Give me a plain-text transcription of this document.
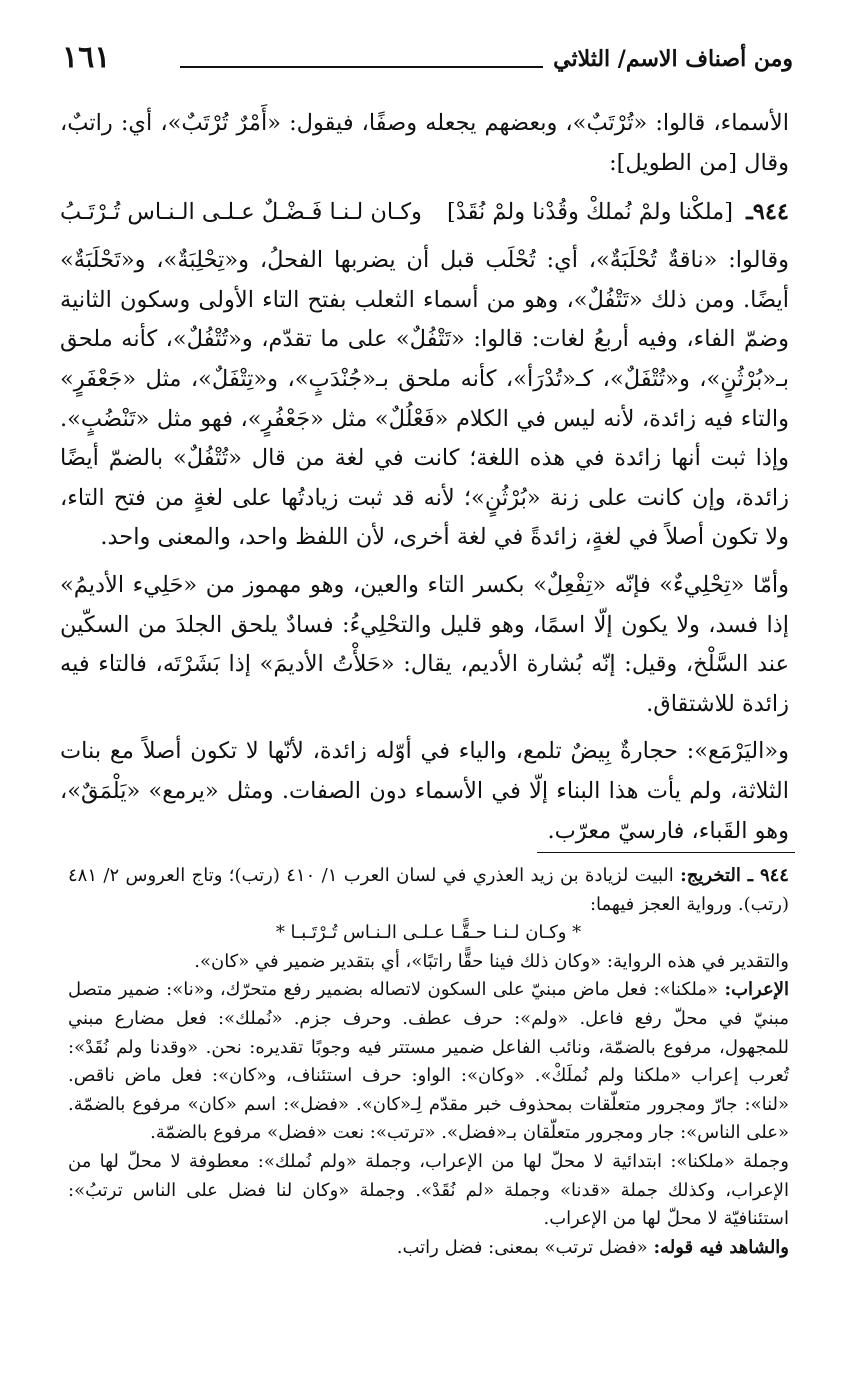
ومن أصناف الاسم/ الثلاثي
١٦١

الأسماء، قالوا: «تُرْتَبٌ»، وبعضهم يجعله وصفًا، فيقول: «أَمْرٌ تُرْتَبٌ»، أي: راتبٌ، وقال [من الطويل]:

٩٤٤ـ
[ملكْنا ولمْ نُملكْ وقُدْنا ولمْ نُقَدْ]
وكـان لـنـا فَـضْـلٌ عـلـى الـنـاس تُـرْتَـبُ

وقالوا: «ناقةٌ تُحْلَبَةٌ»، أي: تُحْلَب قبل أن يضربها الفحلُ، و«تِحْلِبَةٌ»، و«تَحْلَبَةٌ» أيضًا. ومن ذلك «تَتْفُلٌ»، وهو من أسماء الثعلب بفتح التاء الأولى وسكون الثانية وضمّ الفاء، وفيه أربعُ لغات: قالوا: «تَتْفُلٌ» على ما تقدّم، و«تُتْفُلٌ»، كأنه ملحق بـ«بُرْثُنٍ»، و«تُتْفَلٌ»، كـ«تُدْرَأ»، كأنه ملحق بـ«جُنْدَبٍ»، و«تِتْفَلٌ»، مثل «جَعْفَرٍ» والتاء فيه زائدة، لأنه ليس في الكلام «فَعْلُلٌ» مثل «جَعْفُرٍ»، فهو مثل «تَنْضُبٍ». وإذا ثبت أنها زائدة في هذه اللغة؛ كانت في لغة من قال «تُتْفُلٌ» بالضمّ أيضًا زائدة، وإن كانت على زنة «بُرْثُنٍ»؛ لأنه قد ثبت زيادتُها على لغةٍ من فتح التاء، ولا تكون أصلاً في لغةٍ، زائدةً في لغة أخرى، لأن اللفظ واحد، والمعنى واحد.

وأمّا «تِحْلِيءٌ» فإنّه «تِفْعِلٌ» بكسر التاء والعين، وهو مهموز من «حَلِيء الأديمُ» إذا فسد، ولا يكون إلّا اسمًا، وهو قليل والتحْلِيءُ: فسادٌ يلحق الجلدَ من السكّين عند السَّلْخ، وقيل: إنّه بُشارة الأديم، يقال: «حَلأْتُ الأديمَ» إذا بَشَرْتَه، فالتاء فيه زائدة للاشتقاق.

و«اليَرْمَع»: حجارةٌ بِيضٌ تلمع، والياء في أوّله زائدة، لأنّها لا تكون أصلاً مع بنات الثلاثة، ولم يأت هذا البناء إلّا في الأسماء دون الصفات. ومثل «يرمع» «يَلْمَقٌ»، وهو القَباء، فارسيّ معرّب.

٩٤٤ ـ التخريج: البيت لزيادة بن زيد العذري في لسان العرب ١/ ٤١٠ (رتب)؛ وتاج العروس ٢/ ٤٨١ (رتب). ورواية العجز فيهما:

* وكـان لـنـا حـقًّـا عـلـى الـنـاس تُـرْتَـبـا *

والتقدير في هذه الرواية: «وكان ذلك فينا حقًّا راتبًا»، أي بتقدير ضمير في «كان».

الإعراب: «ملكنا»: فعل ماض مبنيّ على السكون لاتصاله بضمير رفع متحرّك، و«نا»: ضمير متصل مبنيّ في محلّ رفع فاعل. «ولم»: حرف عطف. وحرف جزم. «نُملك»: فعل مضارع مبني للمجهول، مرفوع بالضمّة، ونائب الفاعل ضمير مستتر فيه وجوبًا تقديره: نحن. «وقدنا ولم نُقَدْ»: تُعرب إعراب «ملكنا ولم نُملَكْ». «وكان»: الواو: حرف استئناف، و«كان»: فعل ماض ناقص. «لنا»: جارّ ومجرور متعلّقات بمحذوف خبر مقدّم لِـ«كان». «فضل»: اسم «كان» مرفوع بالضمّة. «على الناس»: جار ومجرور متعلّقان بـ«فضل». «ترتب»: نعت «فضل» مرفوع بالضمّة.

وجملة «ملكنا»: ابتدائية لا محلّ لها من الإعراب، وجملة «ولم نُملك»: معطوفة لا محلّ لها من الإعراب، وكذلك جملة «قدنا» وجملة «لم نُقَدْ». وجملة «وكان لنا فضل على الناس ترتبُ»: استئنافيّة لا محلّ لها من الإعراب.

والشاهد فيه قوله: «فضل ترتب» بمعنى: فضل راتب.
